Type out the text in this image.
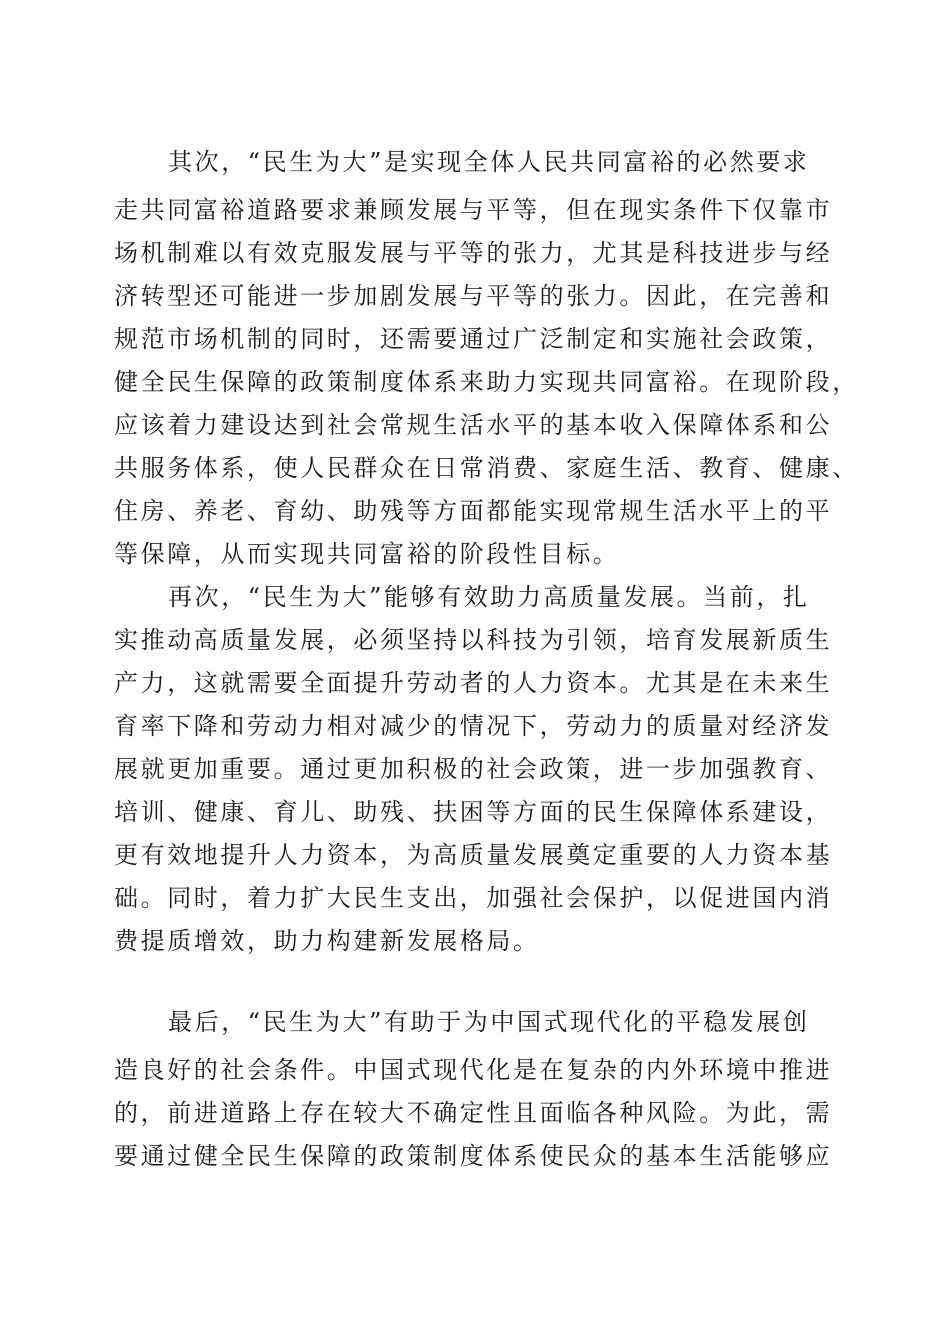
其次，“民生为大”是实现全体人民共同富裕的必然要求

走共同富裕道路要求兼顾发展与平等，但在现实条件下仅靠市

场机制难以有效克服发展与平等的张力，尤其是科技进步与经

济转型还可能进一步加剧发展与平等的张力。因此，在完善和

规范市场机制的同时，还需要通过广泛制定和实施社会政策，

健全民生保障的政策制度体系来助力实现共同富裕。在现阶段，

应该着力建设达到社会常规生活水平的基本收入保障体系和公

共服务体系，使人民群众在日常消费、家庭生活、教育、健康、

住房、养老、育幼、助残等方面都能实现常规生活水平上的平

等保障，从而实现共同富裕的阶段性目标。

再次，“民生为大”能够有效助力高质量发展。当前，扎

实推动高质量发展，必须坚持以科技为引领，培育发展新质生

产力，这就需要全面提升劳动者的人力资本。尤其是在未来生

育率下降和劳动力相对减少的情况下，劳动力的质量对经济发

展就更加重要。通过更加积极的社会政策，进一步加强教育、

培训、健康、育儿、助残、扶困等方面的民生保障体系建设，

更有效地提升人力资本，为高质量发展奠定重要的人力资本基

础。同时，着力扩大民生支出，加强社会保护，以促进国内消

费提质增效，助力构建新发展格局。

最后，“民生为大”有助于为中国式现代化的平稳发展创

造良好的社会条件。中国式现代化是在复杂的内外环境中推进

的，前进道路上存在较大不确定性且面临各种风险。为此，需

要通过健全民生保障的政策制度体系使民众的基本生活能够应
